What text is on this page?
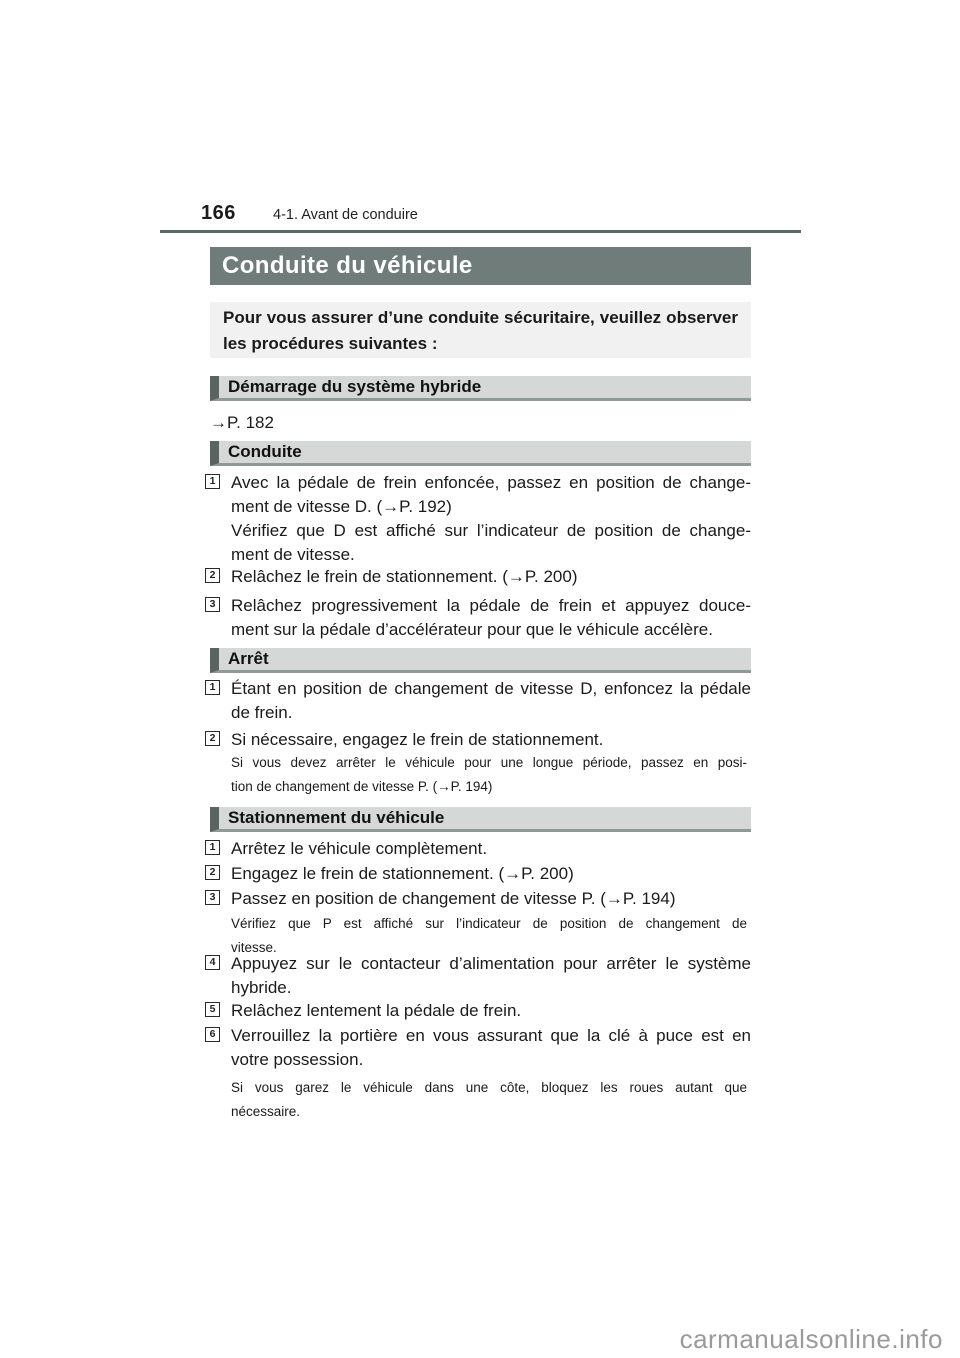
166	4-1. Avant de conduire
Conduite du véhicule
Pour vous assurer d’une conduite sécuritaire, veuillez observer
les procédures suivantes :
carmanualsonline.info
Démarrage du système hybride
→P. 182
Conduite
1 Avec la pédale de frein enfoncée, passez en position de change-
ment de vitesse D. (→P. 192)
Vérifiez que D est affiché sur l’indicateur de position de change-
ment de vitesse.
2 Relâchez le frein de stationnement. (→P. 200)
3 Relâchez progressivement la pédale de frein et appuyez douce-
ment sur la pédale d’accélérateur pour que le véhicule accélère.
Arrêt
1 Étant en position de changement de vitesse D, enfoncez la pédale
de frein.
2 Si nécessaire, engagez le frein de stationnement.
Si vous devez arrêter le véhicule pour une longue période, passez en posi-
tion de changement de vitesse P. (→P. 194)
Stationnement du véhicule
1 Arrêtez le véhicule complètement.
2 Engagez le frein de stationnement. (→P. 200)
3 Passez en position de changement de vitesse P. (→P. 194)
Vérifiez que P est affiché sur l’indicateur de position de changement de
vitesse.
4 Appuyez sur le contacteur d’alimentation pour arrêter le système
hybride.
5 Relâchez lentement la pédale de frein.
6 Verrouillez la portière en vous assurant que la clé à puce est en
votre possession.
Si vous garez le véhicule dans une côte, bloquez les roues autant que
nécessaire.
